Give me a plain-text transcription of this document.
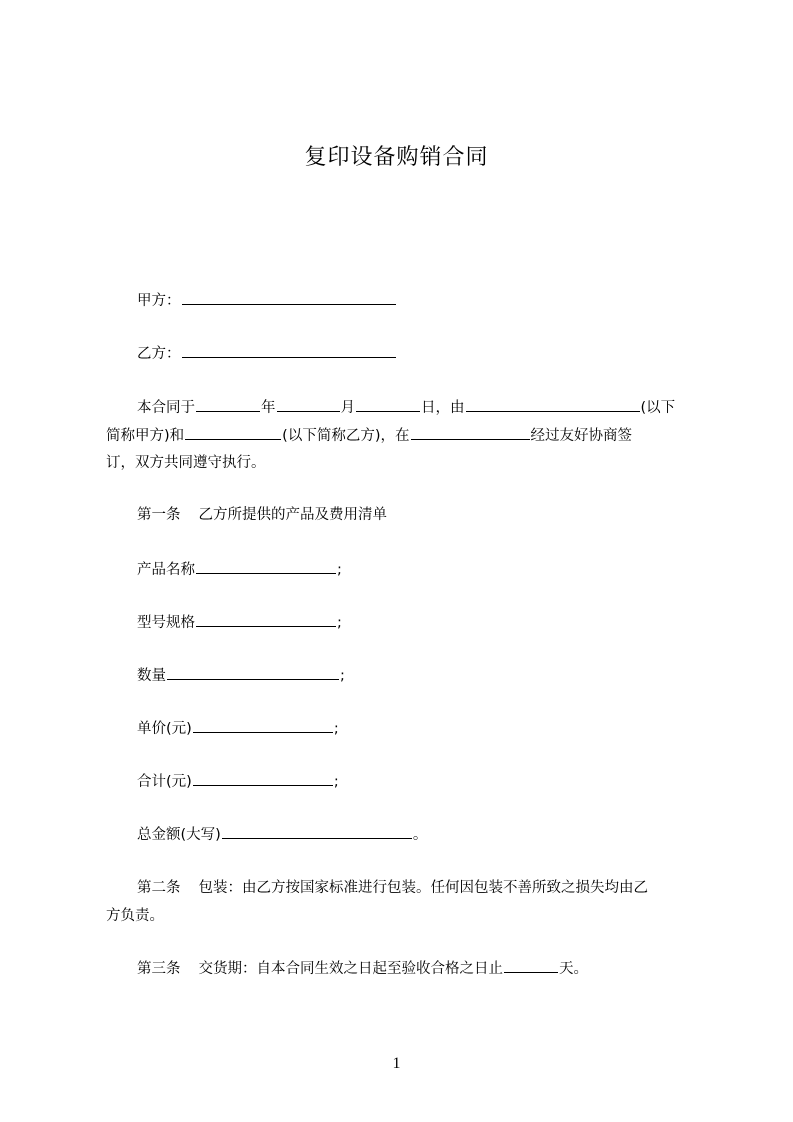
复印设备购销合同
甲方：
乙方：
本合同于	年	月	日，由	(以下
简称甲方)和	(以下简称乙方)，在	经过友好协商签
订，双方共同遵守执行。
第一条 乙方所提供的产品及费用清单
产品名称	;
型号规格	;
数量	;
单价(元)	;
合计(元)	;
总金额(大写)	。
第二条 包装：由乙方按国家标准进行包装。任何因包装不善所致之损失均由乙
方负责。
第三条 交货期：自本合同生效之日起至验收合格之日止	天。
1
